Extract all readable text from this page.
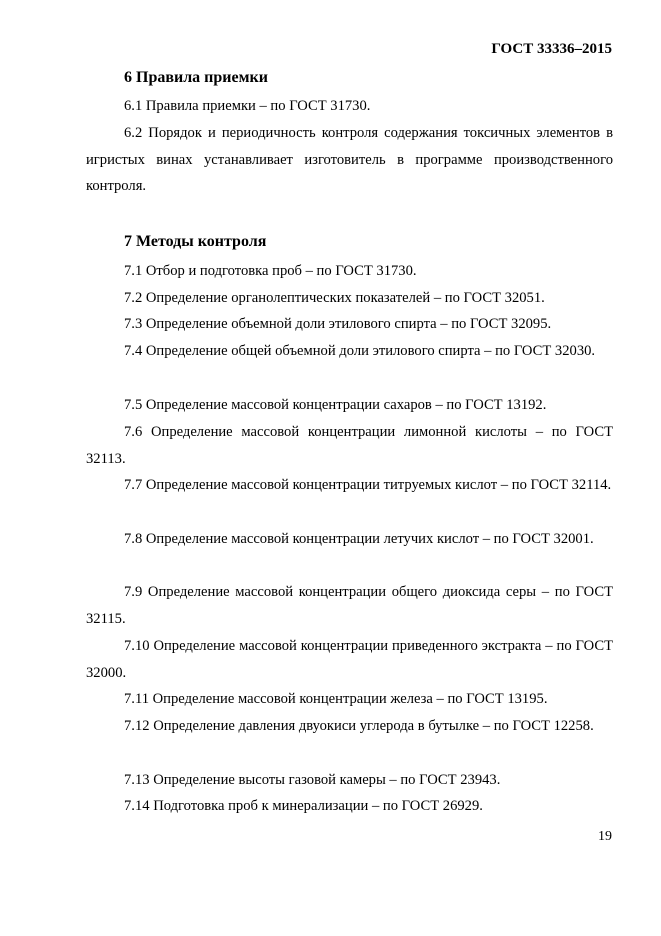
ГОСТ 33336–2015
6 Правила приемки

6.1 Правила приемки – по ГОСТ 31730.

6.2 Порядок и периодичность контроля содержания токсичных элементов в игристых винах устанавливает изготовитель в программе производственного контроля.

7 Методы контроля

7.1 Отбор и подготовка проб – по ГОСТ 31730.

7.2 Определение органолептических показателей – по ГОСТ 32051.

7.3 Определение объемной доли этилового спирта – по ГОСТ 32095.

7.4 Определение общей объемной доли этилового спирта – по ГОСТ 32030.

7.5 Определение массовой концентрации сахаров – по ГОСТ 13192.

7.6 Определение массовой концентрации лимонной кислоты – по ГОСТ 32113.

7.7 Определение массовой концентрации титруемых кислот – по ГОСТ 32114.

7.8 Определение массовой концентрации летучих кислот – по ГОСТ 32001.

7.9 Определение массовой концентрации общего диоксида серы – по ГОСТ 32115.

7.10 Определение массовой концентрации приведенного экстракта – по ГОСТ 32000.

7.11 Определение массовой концентрации железа – по ГОСТ 13195.

7.12 Определение давления двуокиси углерода в бутылке – по ГОСТ 12258.

7.13 Определение высоты газовой камеры – по ГОСТ 23943.

7.14 Подготовка проб к минерализации – по ГОСТ 26929.

19
